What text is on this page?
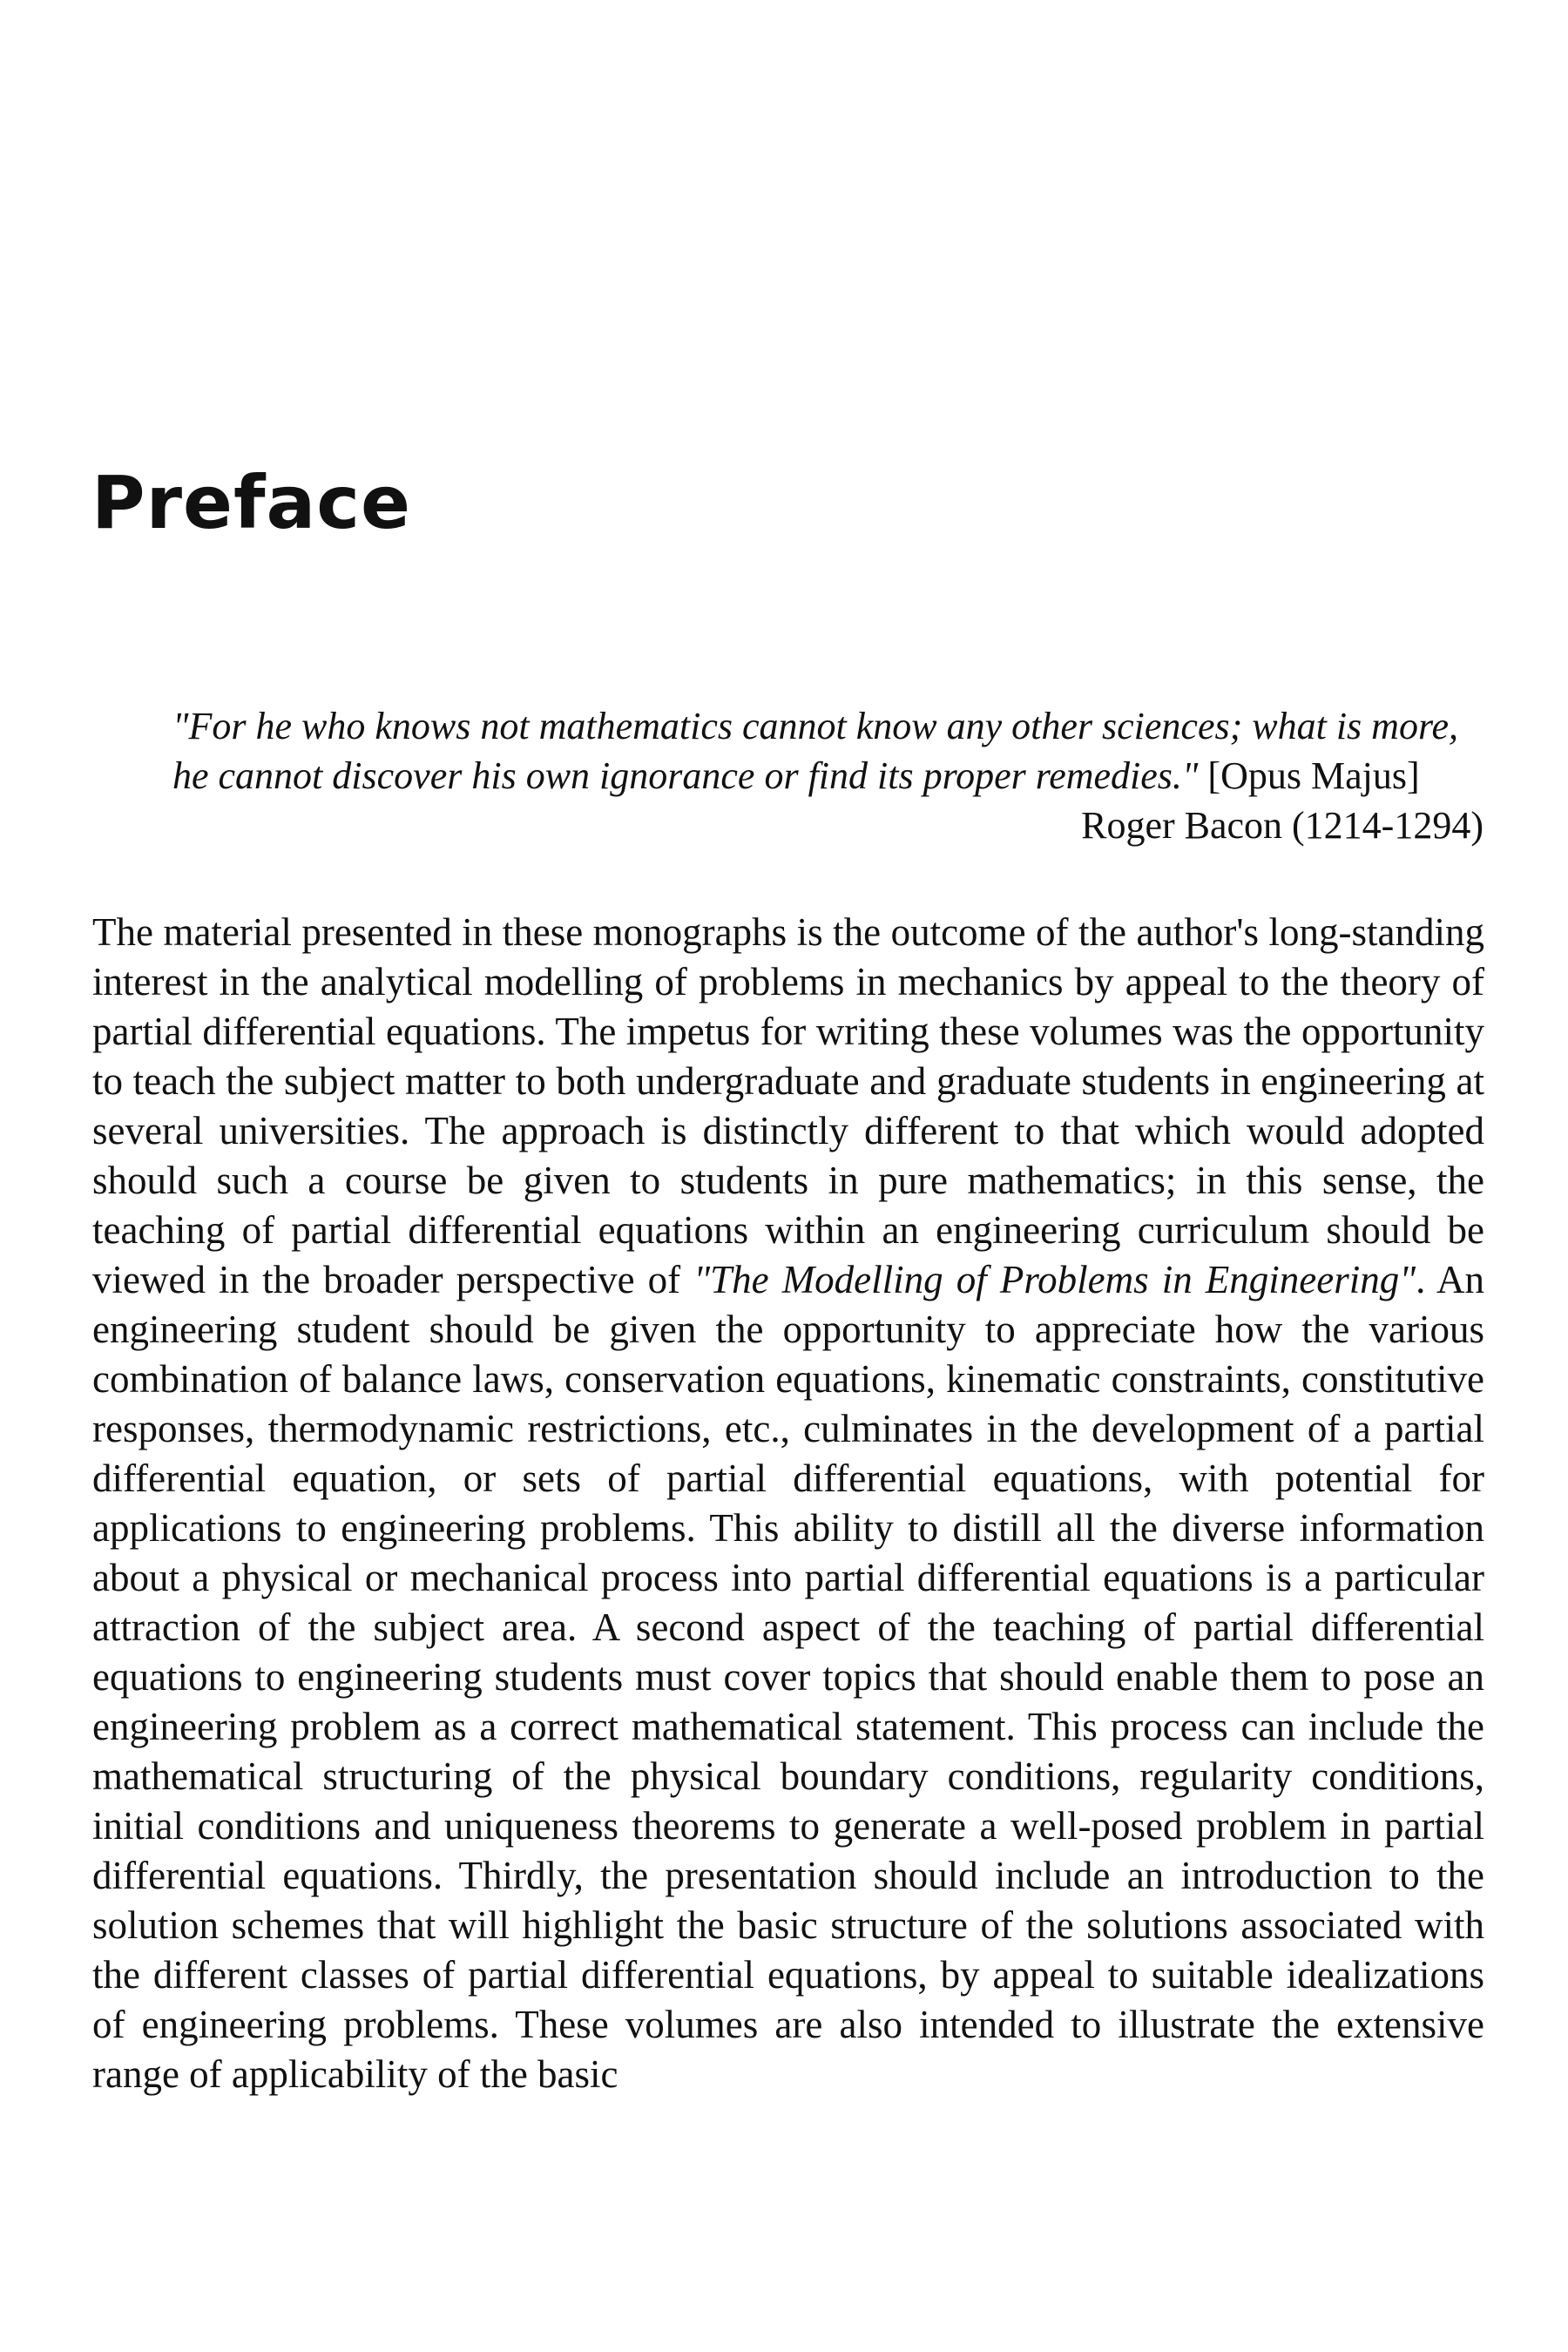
Preface
"For he who knows not mathematics cannot know any other sciences; what is more, he cannot discover his own ignorance or find its proper remedies." [Opus Majus]
Roger Bacon (1214-1294)

The material presented in these monographs is the outcome of the author's long-standing interest in the analytical modelling of problems in mechanics by appeal to the theory of partial differential equations. The impetus for writing these volumes was the opportunity to teach the subject matter to both undergraduate and graduate students in engineering at several universities. The approach is distinctly different to that which would adopted should such a course be given to students in pure mathematics; in this sense, the teaching of partial differential equations within an engineering curriculum should be viewed in the broader perspective of "The Modelling of Problems in Engineering". An engineering student should be given the opportunity to appreciate how the various combination of balance laws, conservation equations, kinematic constraints, constitutive responses, thermodynamic restrictions, etc., culminates in the development of a partial differential equation, or sets of partial differential equations, with potential for applications to engineering problems. This ability to distill all the diverse information about a physical or mechanical process into partial differential equations is a particular attraction of the subject area. A second aspect of the teaching of partial differential equations to engineering students must cover topics that should enable them to pose an engineering problem as a correct mathematical statement. This process can include the mathematical structuring of the physical boundary conditions, regularity conditions, initial conditions and uniqueness theorems to generate a well-posed problem in partial differential equations. Thirdly, the presentation should include an introduction to the solution schemes that will highlight the basic structure of the solutions associated with the different classes of partial differential equations, by appeal to suitable idealizations of engineering problems. These volumes are also intended to illustrate the extensive range of applicability of the basic
